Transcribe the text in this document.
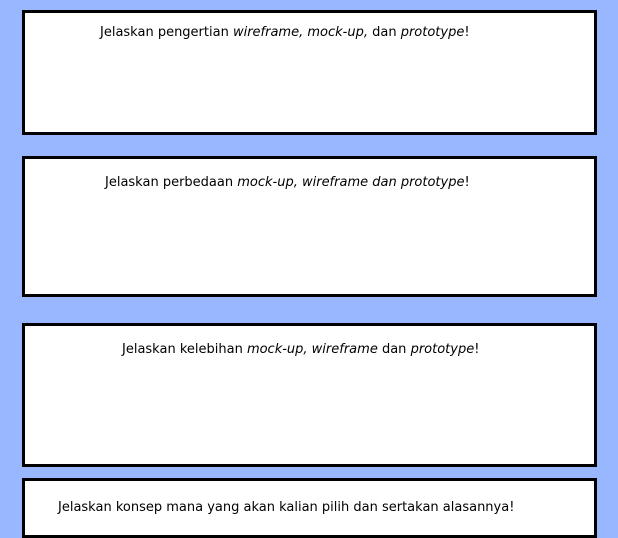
Jelaskan pengertian wireframe, mock-up, dan prototype!

Jelaskan perbedaan mock-up, wireframe dan prototype!

Jelaskan kelebihan mock-up, wireframe dan prototype!

Jelaskan konsep mana yang akan kalian pilih dan sertakan alasannya!
